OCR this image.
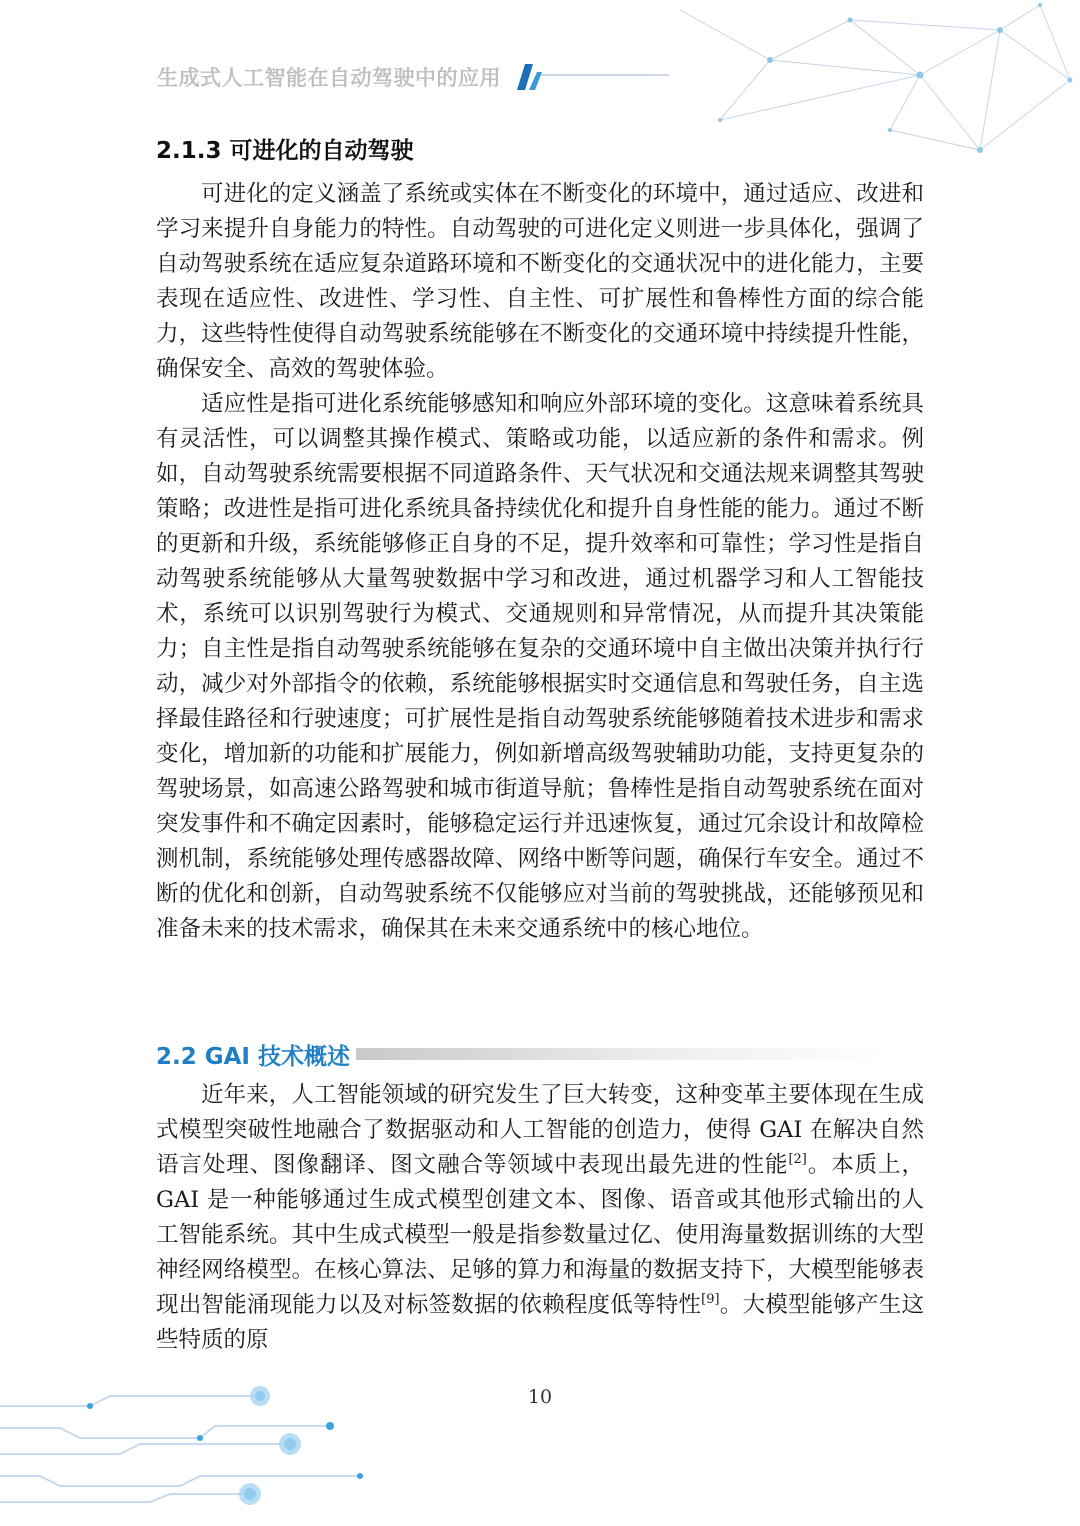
生成式人工智能在自动驾驶中的应用
2.1.3 可进化的自动驾驶

可进化的定义涵盖了系统或实体在不断变化的环境中，通过适应、改进和学习来提升自身能力的特性。自动驾驶的可进化定义则进一步具体化，强调了自动驾驶系统在适应复杂道路环境和不断变化的交通状况中的进化能力，主要表现在适应性、改进性、学习性、自主性、可扩展性和鲁棒性方面的综合能力，这些特性使得自动驾驶系统能够在不断变化的交通环境中持续提升性能，确保安全、高效的驾驶体验。

适应性是指可进化系统能够感知和响应外部环境的变化。这意味着系统具有灵活性，可以调整其操作模式、策略或功能，以适应新的条件和需求。例如，自动驾驶系统需要根据不同道路条件、天气状况和交通法规来调整其驾驶策略；改进性是指可进化系统具备持续优化和提升自身性能的能力。通过不断的更新和升级，系统能够修正自身的不足，提升效率和可靠性；学习性是指自动驾驶系统能够从大量驾驶数据中学习和改进，通过机器学习和人工智能技术，系统可以识别驾驶行为模式、交通规则和异常情况，从而提升其决策能力；自主性是指自动驾驶系统能够在复杂的交通环境中自主做出决策并执行行动，减少对外部指令的依赖，系统能够根据实时交通信息和驾驶任务，自主选择最佳路径和行驶速度；可扩展性是指自动驾驶系统能够随着技术进步和需求变化，增加新的功能和扩展能力，例如新增高级驾驶辅助功能，支持更复杂的驾驶场景，如高速公路驾驶和城市街道导航；鲁棒性是指自动驾驶系统在面对突发事件和不确定因素时，能够稳定运行并迅速恢复，通过冗余设计和故障检测机制，系统能够处理传感器故障、网络中断等问题，确保行车安全。通过不断的优化和创新，自动驾驶系统不仅能够应对当前的驾驶挑战，还能够预见和准备未来的技术需求，确保其在未来交通系统中的核心地位。

2.2 GAI 技术概述

近年来，人工智能领域的研究发生了巨大转变，这种变革主要体现在生成式模型突破性地融合了数据驱动和人工智能的创造力，使得 GAI 在解决自然语言处理、图像翻译、图文融合等领域中表现出最先进的性能[2]。本质上，GAI 是一种能够通过生成式模型创建文本、图像、语音或其他形式输出的人工智能系统。其中生成式模型一般是指参数量过亿、使用海量数据训练的大型神经网络模型。在核心算法、足够的算力和海量的数据支持下，大模型能够表现出智能涌现能力以及对标签数据的依赖程度低等特性[9]。大模型能够产生这些特质的原

10
